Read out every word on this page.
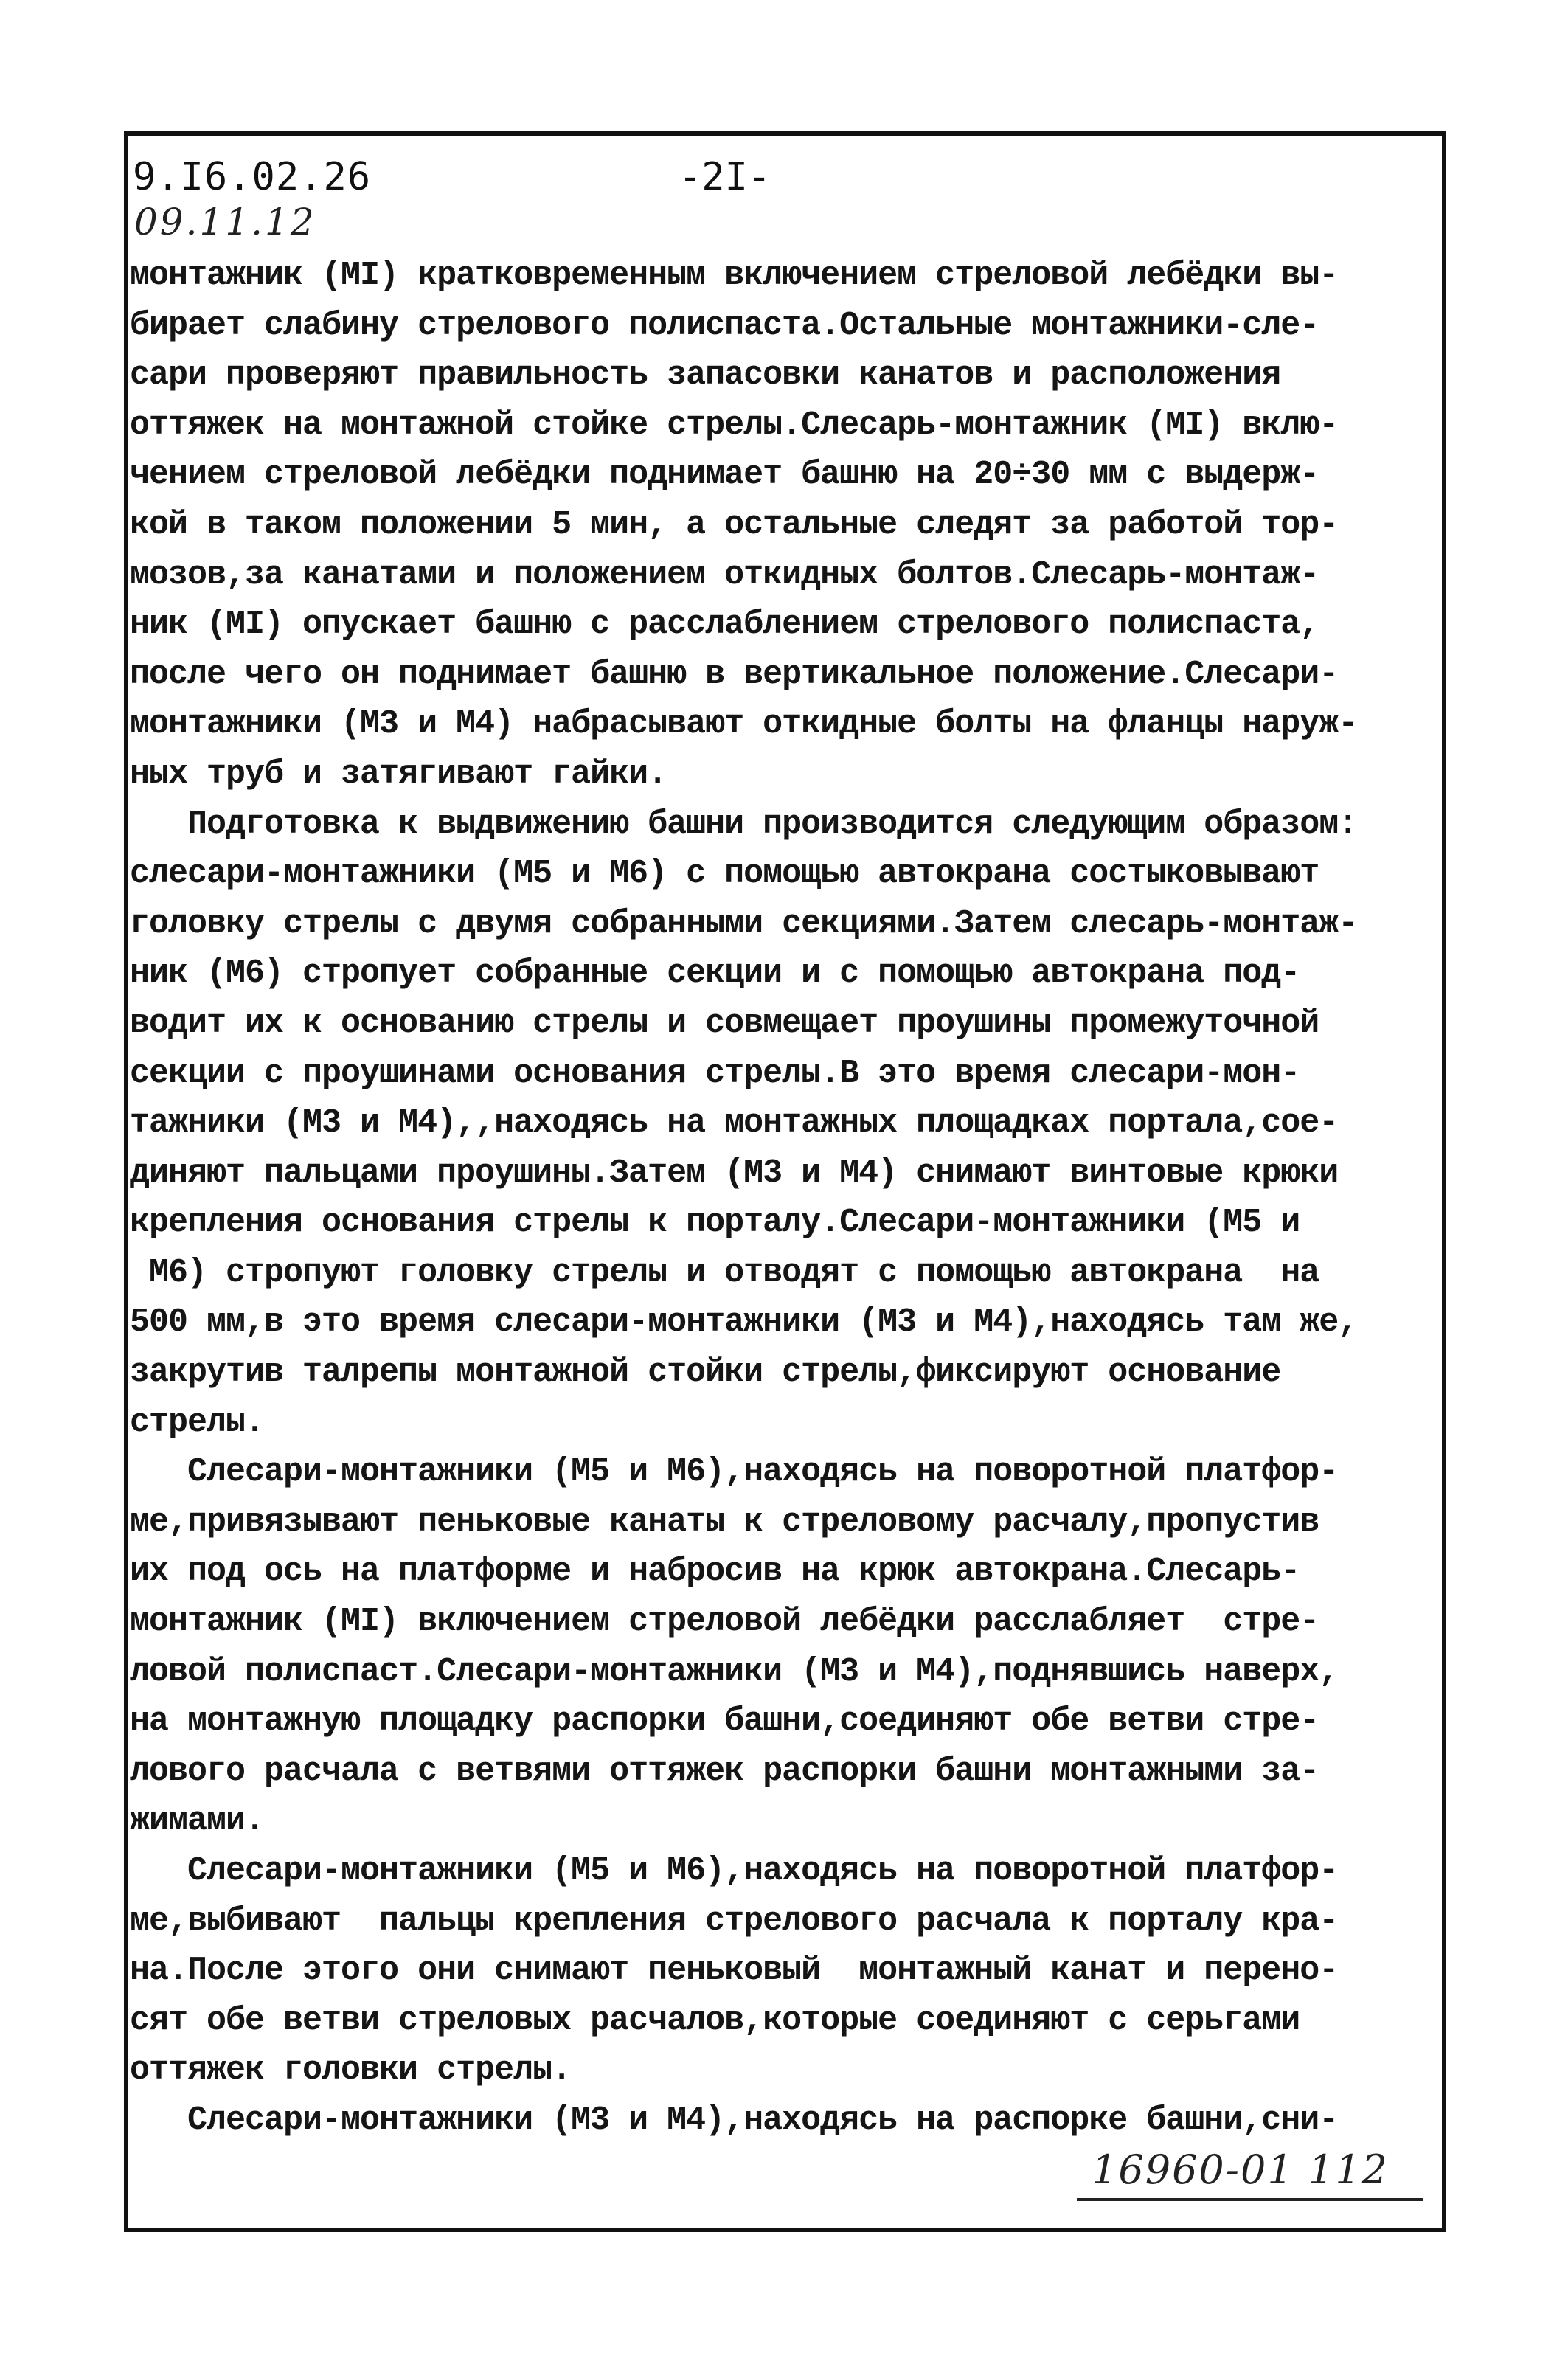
9.I6.02.26	-2I-
09.11.12
монтажник (МI) кратковременным включением стреловой лебёдки вы-
бирает слабину стрелового полиспаста.Остальные монтажники-сле-
сари проверяют правильность запасовки канатов и расположения
оттяжек на монтажной стойке стрелы.Слесарь-монтажник (МI) вклю-
чением стреловой лебёдки поднимает башню на 20÷30 мм с выдерж-
кой в таком положении 5 мин, а остальные следят за работой тор-
мозов,за канатами и положением откидных болтов.Слесарь-монтаж-
ник (МI) опускает башню с расслаблением стрелового полиспаста,
после чего он поднимает башню в вертикальное положение.Слесари-
монтажники (М3 и М4) набрасывают откидные болты на фланцы наруж-
ных труб и затягивают гайки.
Подготовка к выдвижению башни производится следующим образом:
слесари-монтажники (М5 и М6) с помощью автокрана состыковывают
головку стрелы с двумя собранными секциями.Затем слесарь-монтаж-
ник (М6) стропует собранные секции и с помощью автокрана под-
водит их к основанию стрелы и совмещает проушины промежуточной
секции с проушинами основания стрелы.В это время слесари-мон-
тажники (М3 и М4),,находясь на монтажных площадках портала,сое-
диняют пальцами проушины.Затем (М3 и М4) снимают винтовые крюки
крепления основания стрелы к порталу.Слесари-монтажники (М5 и
М6) стропуют головку стрелы и отводят с помощью автокрана  на
500 мм,в это время слесари-монтажники (М3 и М4),находясь там же,
закрутив талрепы монтажной стойки стрелы,фиксируют основание
стрелы.
Слесари-монтажники (М5 и М6),находясь на поворотной платфор-
ме,привязывают пеньковые канаты к стреловому расчалу,пропустив
их под ось на платформе и набросив на крюк автокрана.Слесарь-
монтажник (МI) включением стреловой лебёдки расслабляет  стре-
ловой полиспаст.Слесари-монтажники (М3 и М4),поднявшись наверх,
на монтажную площадку распорки башни,соединяют обе ветви стре-
лового расчала с ветвями оттяжек распорки башни монтажными за-
жимами.
Слесари-монтажники (М5 и М6),находясь на поворотной платфор-
ме,выбивают  пальцы крепления стрелового расчала к порталу кра-
на.После этого они снимают пеньковый  монтажный канат и перено-
сят обе ветви стреловых расчалов,которые соединяют с серьгами
оттяжек головки стрелы.
Слесари-монтажники (М3 и М4),находясь на распорке башни,сни-
16960-01 112
